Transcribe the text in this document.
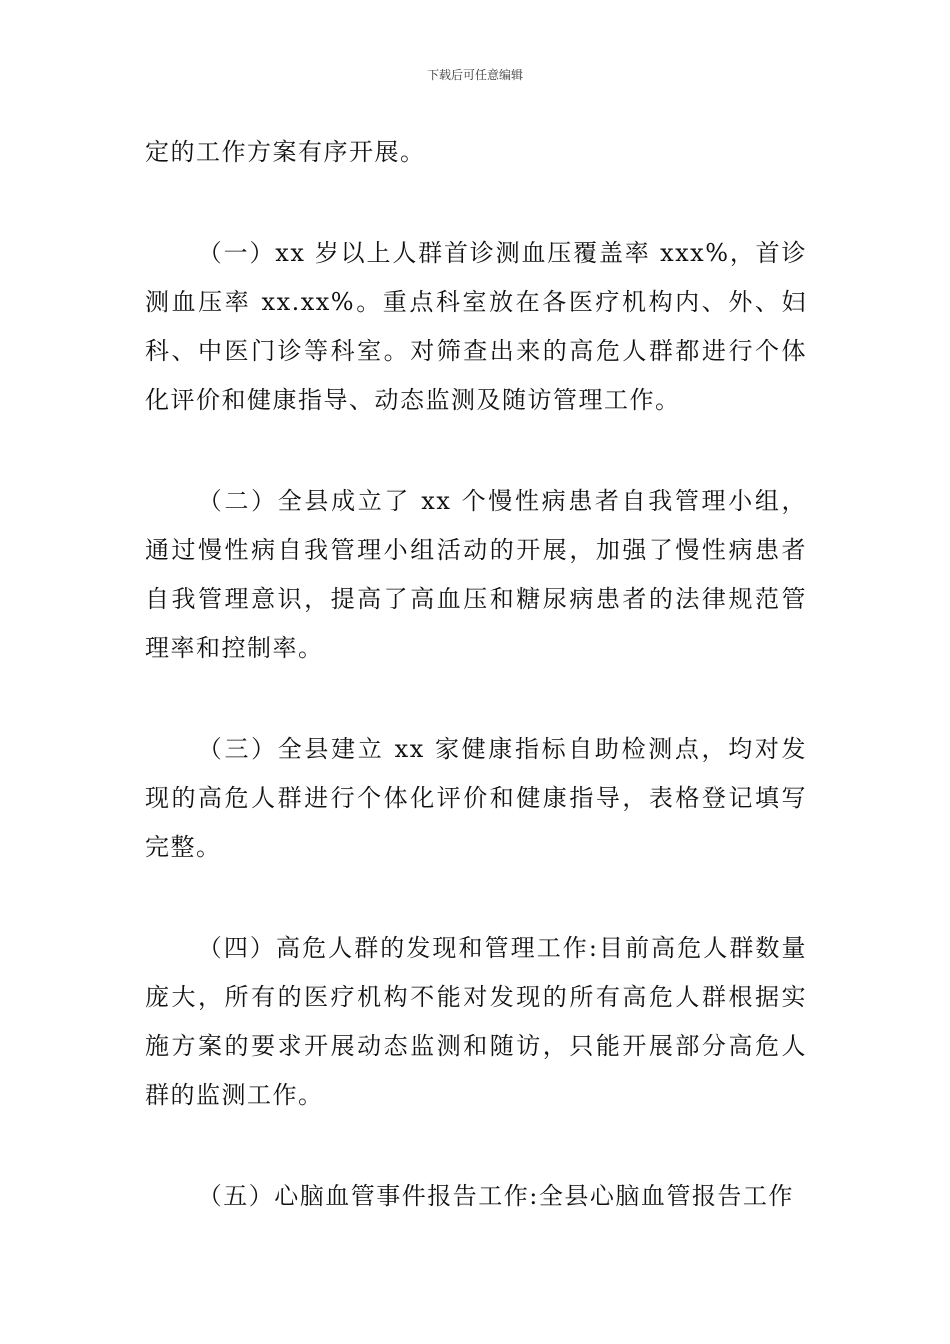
下载后可任意编辑

定的工作方案有序开展。

（一）xx 岁以上人群首诊测血压覆盖率 xxx%，首诊测血压率 xx.xx%。重点科室放在各医疗机构内、外、妇科、中医门诊等科室。对筛查出来的高危人群都进行个体化评价和健康指导、动态监测及随访管理工作。

（二）全县成立了 xx 个慢性病患者自我管理小组，通过慢性病自我管理小组活动的开展，加强了慢性病患者自我管理意识，提高了高血压和糖尿病患者的法律规范管理率和控制率。

（三）全县建立 xx 家健康指标自助检测点，均对发现的高危人群进行个体化评价和健康指导，表格登记填写完整。

（四）高危人群的发现和管理工作:目前高危人群数量庞大，所有的医疗机构不能对发现的所有高危人群根据实施方案的要求开展动态监测和随访，只能开展部分高危人群的监测工作。

（五）心脑血管事件报告工作:全县心脑血管报告工作
